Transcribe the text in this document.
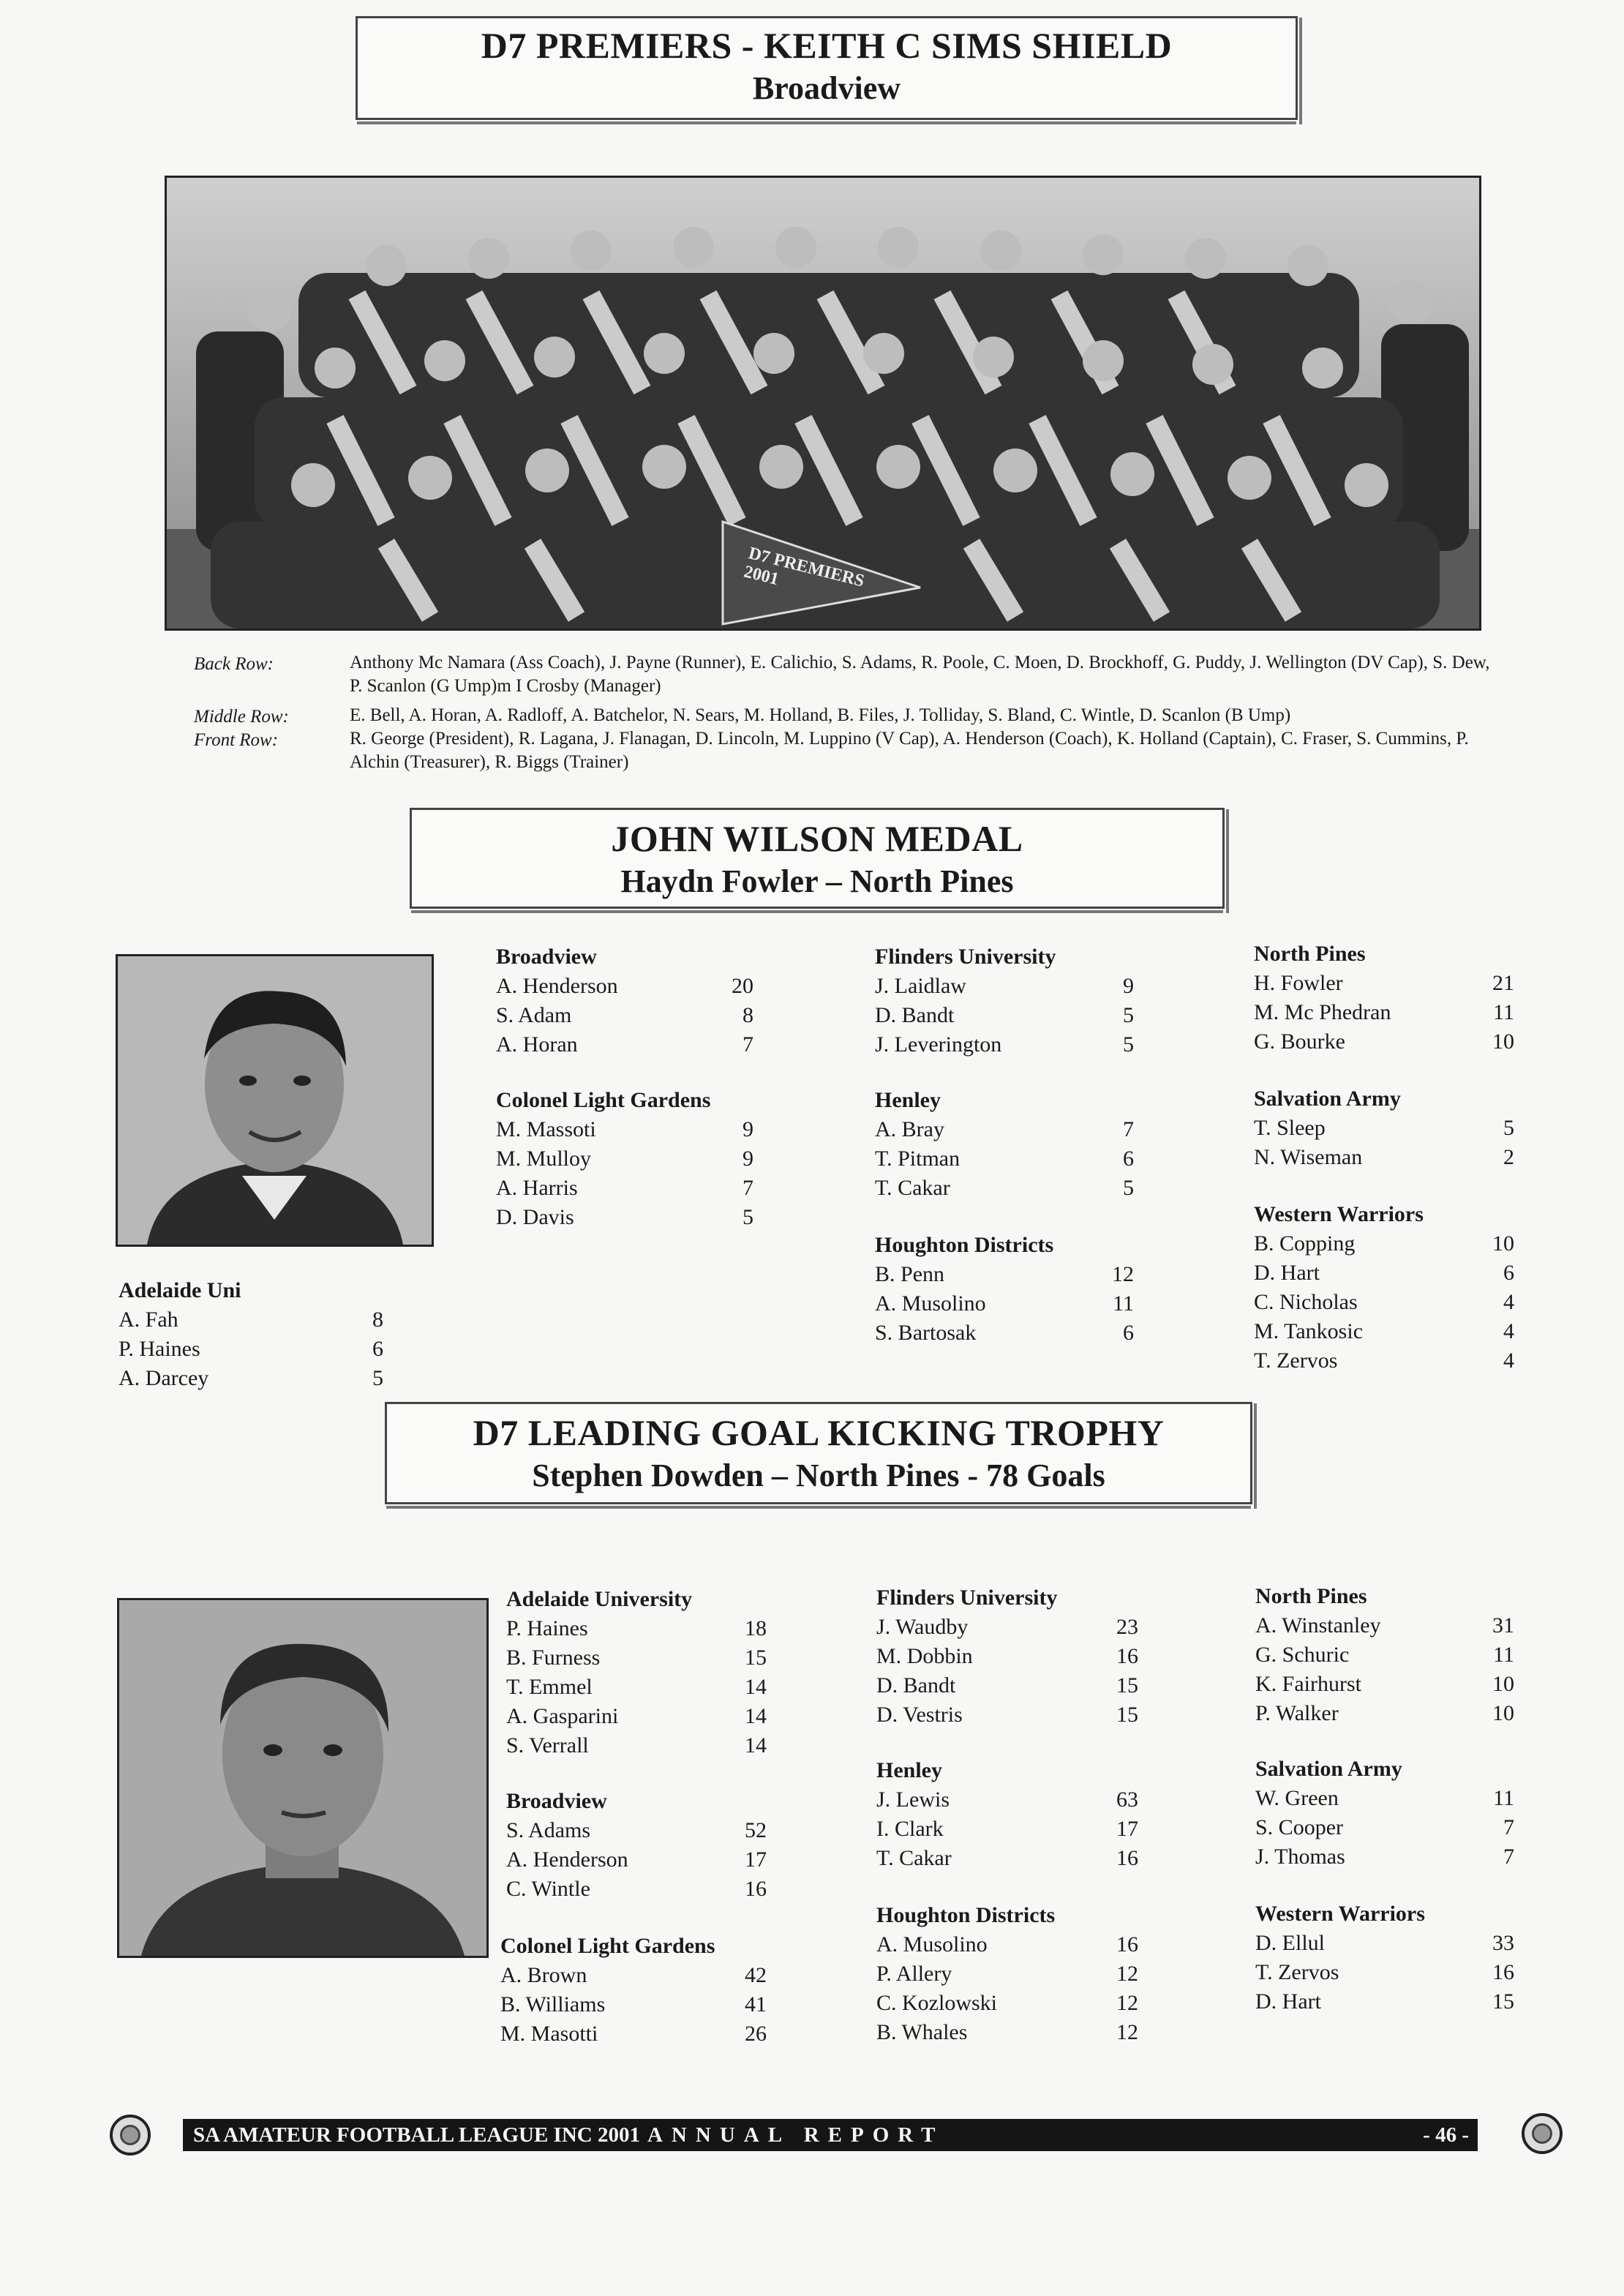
D7 PREMIERS - KEITH C SIMS SHIELD
Broadview
D7 PREMIERS 2001
Back Row:	Anthony Mc Namara (Ass Coach), J. Payne (Runner), E. Calichio, S. Adams, R. Poole, C. Moen, D. Brockhoff, G. Puddy, J. Wellington (DV Cap), S. Dew, P. Scanlon (G Ump)m I Crosby (Manager)
Middle Row:	E. Bell, A. Horan, A. Radloff, A. Batchelor, N. Sears, M. Holland, B. Files, J. Tolliday, S. Bland, C. Wintle, D. Scanlon (B Ump)
Front Row:	R. George (President), R. Lagana, J. Flanagan, D. Lincoln, M. Luppino (V Cap), A. Henderson (Coach), K. Holland (Captain), C. Fraser, S. Cummins, P. Alchin (Treasurer), R. Biggs (Trainer)
JOHN WILSON MEDAL
Haydn Fowler – North Pines
Broadview
A. Henderson	20
S. Adam	8
A. Horan	7
Colonel Light Gardens
M. Massoti	9
M. Mulloy	9
A. Harris	7
D. Davis	5
Flinders University
J. Laidlaw	9
D. Bandt	5
J. Leverington	5
Henley
A. Bray	7
T. Pitman	6
T. Cakar	5
Houghton Districts
B. Penn	12
A. Musolino	11
S. Bartosak	6
North Pines
H. Fowler	21
M. Mc Phedran	11
G. Bourke	10
Salvation Army
T. Sleep	5
N. Wiseman	2
Western Warriors
B. Copping	10
D. Hart	6
C. Nicholas	4
M. Tankosic	4
T. Zervos	4
Adelaide Uni
A. Fah	8
P. Haines	6
A. Darcey	5
D7 LEADING GOAL KICKING TROPHY
Stephen Dowden – North Pines - 78 Goals
Adelaide University
P. Haines	18
B. Furness	15
T. Emmel	14
A. Gasparini	14
S. Verrall	14
Broadview
S. Adams	52
A. Henderson	17
C. Wintle	16
Colonel Light Gardens
A. Brown	42
B. Williams	41
M. Masotti	26
Flinders University
J. Waudby	23
M. Dobbin	16
D. Bandt	15
D. Vestris	15
Henley
J. Lewis	63
I. Clark	17
T. Cakar	16
Houghton Districts
A. Musolino	16
P. Allery	12
C. Kozlowski	12
B. Whales	12
North Pines
A. Winstanley	31
G. Schuric	11
K. Fairhurst	10
P. Walker	10
Salvation Army
W. Green	11
S. Cooper	7
J. Thomas	7
Western Warriors
D. Ellul	33
T. Zervos	16
D. Hart	15
SA AMATEUR FOOTBALL LEAGUE INC 2001 ANNUAL REPORT	- 46 -
